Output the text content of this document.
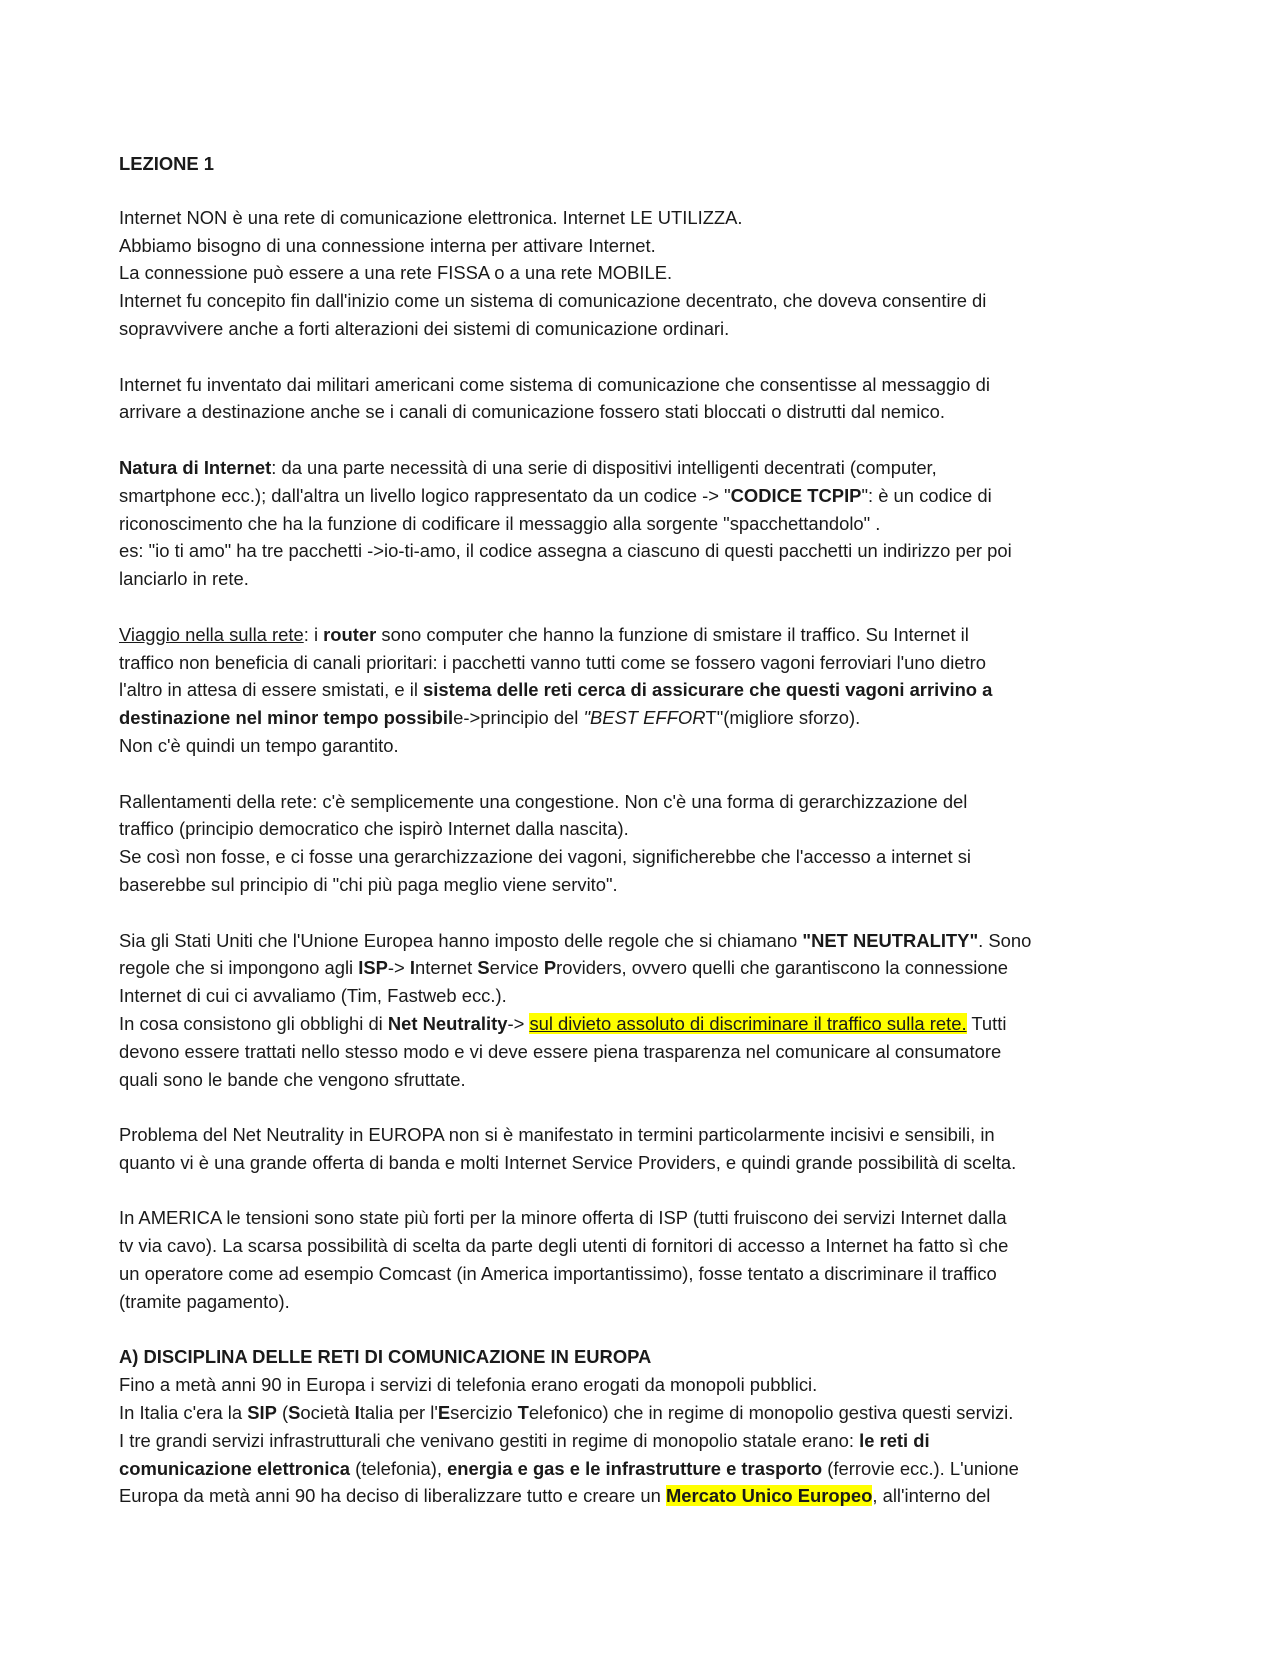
LEZIONE 1

Internet NON è una rete di comunicazione elettronica. Internet LE UTILIZZA.
Abbiamo bisogno di una connessione interna per attivare Internet.
La connessione può essere a una rete FISSA o a una rete MOBILE.
Internet fu concepito fin dall'inizio come un sistema di comunicazione decentrato, che doveva consentire di
sopravvivere anche a forti alterazioni dei sistemi di comunicazione ordinari.

Internet fu inventato dai militari americani come sistema di comunicazione che consentisse al messaggio di
arrivare a destinazione anche se i canali di comunicazione fossero stati bloccati o distrutti dal nemico.

Natura di Internet: da una parte necessità di una serie di dispositivi intelligenti decentrati (computer,
smartphone ecc.); dall'altra un livello logico rappresentato da un codice -> "CODICE TCPIP": è un codice di
riconoscimento che ha la funzione di codificare il messaggio alla sorgente "spacchettandolo" .
es: "io ti amo" ha tre pacchetti ->io-ti-amo, il codice assegna a ciascuno di questi pacchetti un indirizzo per poi
lanciarlo in rete.

Viaggio nella sulla rete: i router sono computer che hanno la funzione di smistare il traffico. Su Internet il
traffico non beneficia di canali prioritari: i pacchetti vanno tutti come se fossero vagoni ferroviari l'uno dietro
l'altro in attesa di essere smistati, e il sistema delle reti cerca di assicurare che questi vagoni arrivino a
destinazione nel minor tempo possibile->principio del "BEST EFFORT"(migliore sforzo).
Non c'è quindi un tempo garantito.

Rallentamenti della rete: c'è semplicemente una congestione. Non c'è una forma di gerarchizzazione del
traffico (principio democratico che ispirò Internet dalla nascita).
Se così non fosse, e ci fosse una gerarchizzazione dei vagoni, significherebbe che l'accesso a internet si
baserebbe sul principio di "chi più paga meglio viene servito".

Sia gli Stati Uniti che l'Unione Europea hanno imposto delle regole che si chiamano "NET NEUTRALITY". Sono
regole che si impongono agli ISP-> Internet Service Providers, ovvero quelli che garantiscono la connessione
Internet di cui ci avvaliamo (Tim, Fastweb ecc.).
In cosa consistono gli obblighi di Net Neutrality-> sul divieto assoluto di discriminare il traffico sulla rete. Tutti
devono essere trattati nello stesso modo e vi deve essere piena trasparenza nel comunicare al consumatore
quali sono le bande che vengono sfruttate.

Problema del Net Neutrality in EUROPA non si è manifestato in termini particolarmente incisivi e sensibili, in
quanto vi è una grande offerta di banda e molti Internet Service Providers, e quindi grande possibilità di scelta.

In AMERICA le tensioni sono state più forti per la minore offerta di ISP (tutti fruiscono dei servizi Internet dalla
tv via cavo). La scarsa possibilità di scelta da parte degli utenti di fornitori di accesso a Internet ha fatto sì che
un operatore come ad esempio Comcast (in America importantissimo), fosse tentato a discriminare il traffico
(tramite pagamento).

A) DISCIPLINA DELLE RETI DI COMUNICAZIONE IN EUROPA
Fino a metà anni 90 in Europa i servizi di telefonia erano erogati da monopoli pubblici.
In Italia c'era la SIP (Società Italia per l'Esercizio Telefonico) che in regime di monopolio gestiva questi servizi.
I tre grandi servizi infrastrutturali che venivano gestiti in regime di monopolio statale erano: le reti di
comunicazione elettronica (telefonia), energia e gas e le infrastrutture e trasporto (ferrovie ecc.). L'unione
Europa da metà anni 90 ha deciso di liberalizzare tutto e creare un Mercato Unico Europeo, all'interno del
